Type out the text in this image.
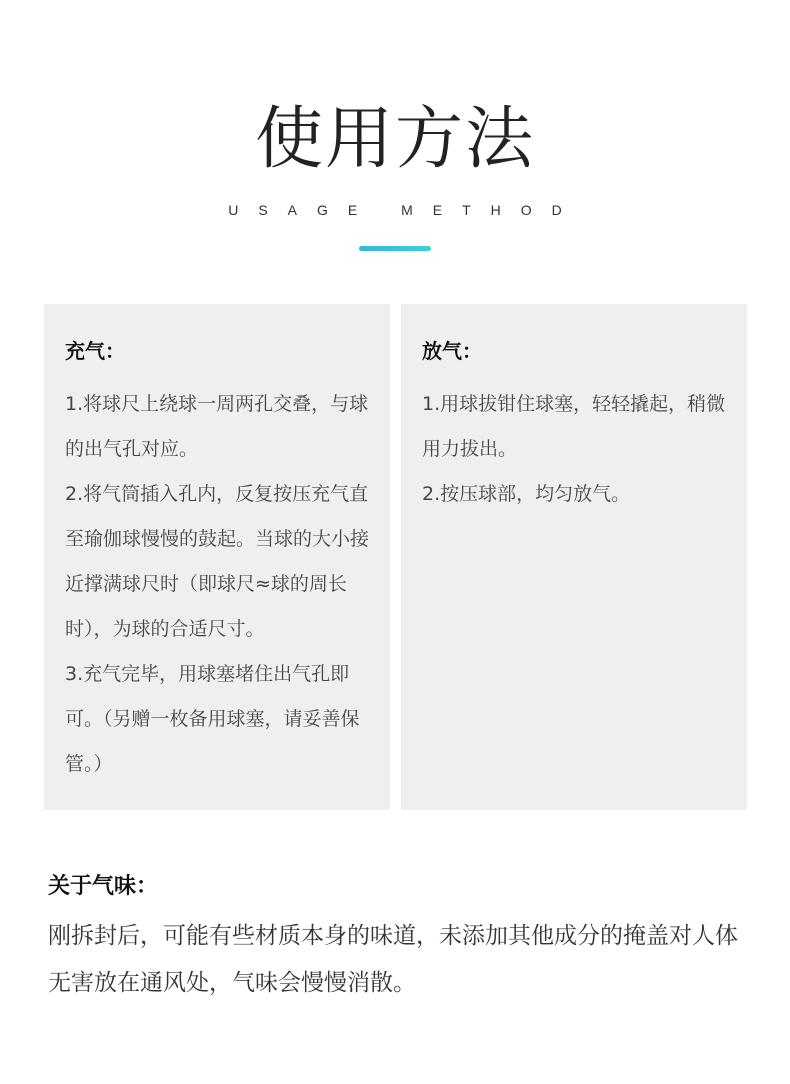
使用方法
USAGE METHOD
充气：

1.将球尺上绕球一周两孔交叠，与球的出气孔对应。

2.将气筒插入孔内，反复按压充气直至瑜伽球慢慢的鼓起。当球的大小接近撑满球尺时（即球尺≈球的周长时），为球的合适尺寸。

3.充气完毕，用球塞堵住出气孔即可。（另赠一枚备用球塞，请妥善保管。）

放气：

1.用球拔钳住球塞，轻轻撬起，稍微用力拔出。

2.按压球部，均匀放气。

关于气味：
刚拆封后，可能有些材质本身的味道，未添加其他成分的掩盖对人体无害放在通风处，气味会慢慢消散。
